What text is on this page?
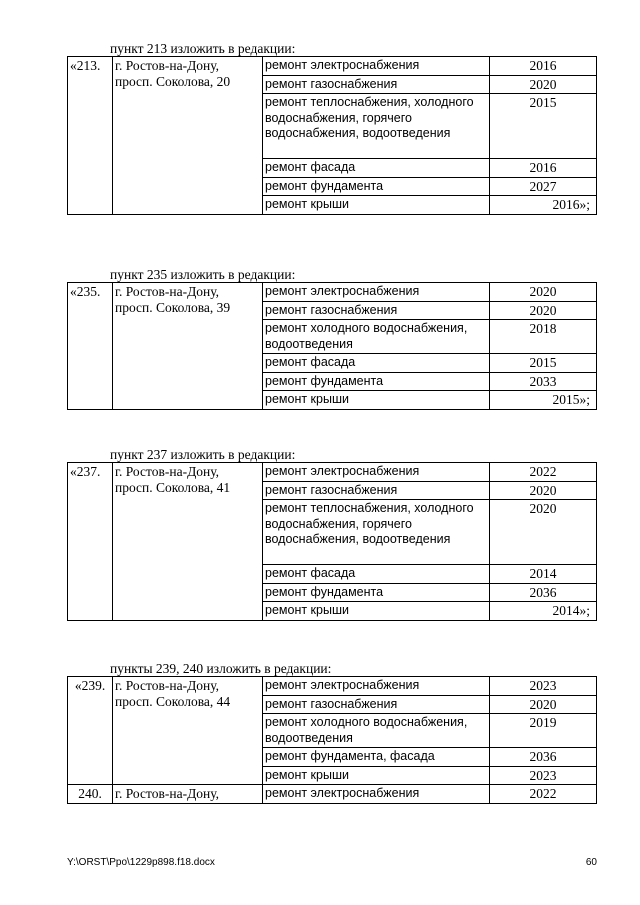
пункт 213 изложить в редакции:
«213.	г. Ростов-на-Дону, просп. Соколова, 20	ремонт электроснабжения	2016
		ремонт газоснабжения	2020
		ремонт теплоснабжения, холодного водоснабжения, горячего водоснабжения, водоотведения	2015
		ремонт фасада	2016
		ремонт фундамента	2027
		ремонт крыши	2016»;
пункт 235 изложить в редакции:
«235.	г. Ростов-на-Дону, просп. Соколова, 39	ремонт электроснабжения	2020
		ремонт газоснабжения	2020
		ремонт холодного водоснабжения, водоотведения	2018
		ремонт фасада	2015
		ремонт фундамента	2033
		ремонт крыши	2015»;
пункт 237 изложить в редакции:
«237.	г. Ростов-на-Дону, просп. Соколова, 41	ремонт электроснабжения	2022
		ремонт газоснабжения	2020
		ремонт теплоснабжения, холодного водоснабжения, горячего водоснабжения, водоотведения	2020
		ремонт фасада	2014
		ремонт фундамента	2036
		ремонт крыши	2014»;
пункты 239, 240 изложить в редакции:
«239.	г. Ростов-на-Дону, просп. Соколова, 44	ремонт электроснабжения	2023
		ремонт газоснабжения	2020
		ремонт холодного водоснабжения, водоотведения	2019
		ремонт фундамента, фасада	2036
		ремонт крыши	2023
240.	г. Ростов-на-Дону,	ремонт электроснабжения	2022
Y:\ORST\Ppo\1229p898.f18.docx	60
